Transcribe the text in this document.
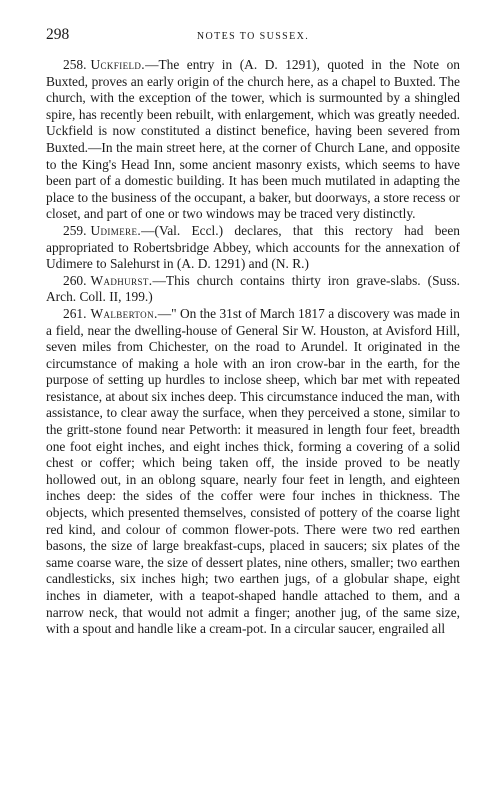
298	NOTES TO SUSSEX.

258. Uckfield.—The entry in (A. D. 1291), quoted in the Note on Buxted, proves an early origin of the church here, as a chapel to Buxted. The church, with the exception of the tower, which is surmounted by a shingled spire, has recently been rebuilt, with enlargement, which was greatly needed. Uckfield is now constituted a distinct benefice, having been severed from Buxted.—In the main street here, at the corner of Church Lane, and opposite to the King's Head Inn, some ancient masonry exists, which seems to have been part of a domestic building. It has been much mutilated in adapting the place to the business of the occupant, a baker, but doorways, a store recess or closet, and part of one or two windows may be traced very distinctly.

259. Udimere.—(Val. Eccl.) declares, that this rectory had been appropriated to Robertsbridge Abbey, which accounts for the annexation of Udimere to Salehurst in (A. D. 1291) and (N. R.)

260. Wadhurst.—This church contains thirty iron grave-slabs. (Suss. Arch. Coll. II, 199.)

261. Walberton.—" On the 31st of March 1817 a discovery was made in a field, near the dwelling-house of General Sir W. Houston, at Avisford Hill, seven miles from Chichester, on the road to Arundel. It originated in the circumstance of making a hole with an iron crow-bar in the earth, for the purpose of setting up hurdles to inclose sheep, which bar met with repeated resistance, at about six inches deep. This circumstance induced the man, with assistance, to clear away the surface, when they perceived a stone, similar to the gritt-stone found near Petworth: it measured in length four feet, breadth one foot eight inches, and eight inches thick, forming a covering of a solid chest or coffer; which being taken off, the inside proved to be neatly hollowed out, in an oblong square, nearly four feet in length, and eighteen inches deep: the sides of the coffer were four inches in thickness. The objects, which presented themselves, consisted of pottery of the coarse light red kind, and colour of common flower-pots. There were two red earthen basons, the size of large breakfast-cups, placed in saucers; six plates of the same coarse ware, the size of dessert plates, nine others, smaller; two earthen candlesticks, six inches high; two earthen jugs, of a globular shape, eight inches in diameter, with a teapot-shaped handle attached to them, and a narrow neck, that would not admit a finger; another jug, of the same size, with a spout and handle like a cream-pot. In a circular saucer, engrailed all
